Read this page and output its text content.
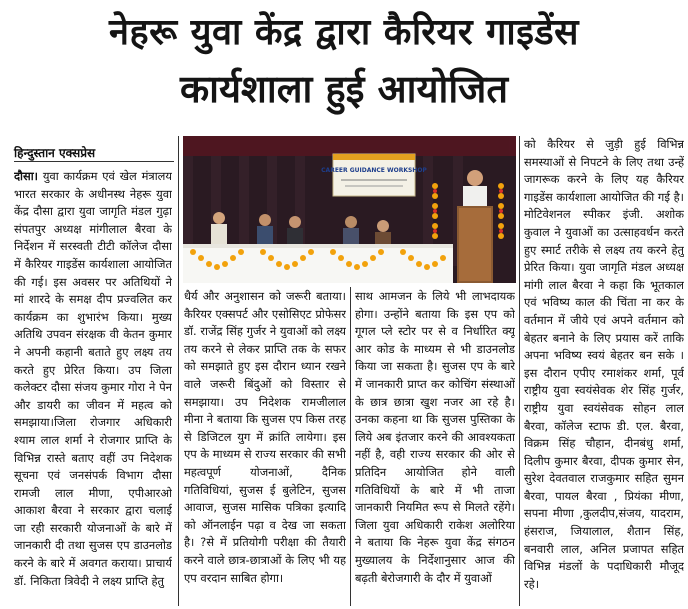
नेहरू युवा केंद्र द्वारा कैरियर गाइडेंस
कार्यशाला हुई आयोजित
हिन्दुस्तान एक्सप्रेस
CAREER GUIDANCE WORKSHOP
दौसा। युवा कार्यक्रम एवं खेल मंत्रालय भारत सरकार के अधीनस्थ नेहरू युवा केंद्र दौसा द्वारा युवा जागृति मंडल गुढ़ा संपतपुर अध्यक्ष मांगीलाल बैरवा के निर्देशन में सरस्वती टीटी कॉलेज दौसा में कैरियर गाइडेंस कार्यशाला आयोजित की गई। इस अवसर पर अतिथियों ने मां शारदे के समक्ष दीप प्रज्वलित कर कार्यक्रम का शुभारंभ किया। मुख्य अतिथि उपवन संरक्षक वी केतन कुमार ने अपनी कहानी बताते हुए लक्ष्य तय करते हुए प्रेरित किया। उप जिला कलेक्टर दौसा संजय कुमार गोरा ने पेन और डायरी का जीवन में महत्व को समझाया।जिला रोजगार अधिकारी श्याम लाल शर्मा ने रोजगार प्राप्ति के विभिन्न रास्ते बताए वहीं उप निदेशक सूचना एवं जनसंपर्क विभाग दौसा रामजी लाल मीणा, एपीआरओ आकाश बैरवा ने सरकार द्वारा चलाई जा रही सरकारी योजनाओं के बारे में जानकारी दी तथा सुजस एप डाउनलोड करने के बारे में अवगत कराया। प्राचार्य डॉ. निकिता त्रिवेदी ने लक्ष्य प्राप्ति हेतु
धैर्य और अनुशासन को जरूरी बताया।कैरियर एक्सपर्ट और एसोसिएट प्रोफेसर डॉ. राजेंद्र सिंह गुर्जर ने युवाओं को लक्ष्य तय करने से लेकर प्राप्ति तक के सफर को समझाते हुए इस दौरान ध्यान रखने वाले जरूरी बिंदुओं को विस्तार से समझाया। उप निदेशक रामजीलाल मीना ने बताया कि सुजस एप किस तरह से डिजिटल युग में क्रांति लायेगा। इस एप के माध्यम से राज्य सरकार की सभी महत्वपूर्ण योजनाओं, दैनिक गतिविधियां, सुजस ई बुलेटिन, सुजस आवाज, सुजस मासिक पत्रिका इत्यादि को ऑनलाईन पढ़ा व देख जा सकता है। ?से में प्रतियोगी परीक्षा की तैयारी करने वाले छात्र-छात्राओं के लिए भी यह एप वरदान साबित होगा।
साथ आमजन के लिये भी लाभदायक होगा। उन्होंने बताया कि इस एप को गूगल प्ले स्टोर पर से व निर्धारित क्यू आर कोड के माध्यम से भी डाउनलोड किया जा सकता है। सुजस एप के बारे में जानकारी प्राप्त कर कोचिंग संस्थाओं के छात्र छात्रा खुश नजर आ रहे है। उनका कहना था कि सुजस पुस्तिका के लिये अब इंतजार करने की आवश्यकता नहीं है, वही राज्य सरकार की ओर से प्रतिदिन आयोजित होने वाली गतिविधियों के बारे में भी ताजा जानकारी नियमित रूप से मिलते रहेंगे। जिला युवा अधिकारी राकेश अलोरिया ने बताया कि नेहरू युवा केंद्र संगठन मुख्यालय के निर्देशानुसार आज की बढ़ती बेरोजगारी के दौर में युवाओं
को कैरियर से जुड़ी हुई विभिन्न समस्याओं से निपटने के लिए तथा उन्हें जागरूक करने के लिए यह कैरियर गाइडेंस कार्यशाला आयोजित की गई है। मोटिवेशनल स्पीकर इंजी. अशोक कुवाल ने युवाओं का उत्साहवर्धन करते हुए स्मार्ट तरीके से लक्ष्य तय करने हेतु प्रेरित किया। युवा जागृति मंडल अध्यक्ष मांगी लाल बैरवा ने कहा कि भूतकाल एवं भविष्य काल की चिंता ना कर के वर्तमान में जीये एवं अपने वर्तमान को बेहतर बनाने के लिए प्रयास करें ताकि अपना भविष्य स्वयं बेहतर बन सके । इस दौरान एपीए रमाशंकर शर्मा, पूर्व राष्ट्रीय युवा स्वयंसेवक शेर सिंह गुर्जर, राष्ट्रीय युवा स्वयंसेवक सोहन लाल बैरवा, कॉलेज स्टाफ डी. एल. बैरवा, विक्रम सिंह चौहान, दीनबंधु शर्मा, दिलीप कुमार बैरवा, दीपक कुमार सेन, सुरेश देवतवाल राजकुमार सहित सुमन बैरवा, पायल बैरवा , प्रियंका मीणा, सपना मीणा ,कुलदीप,संजय, यादराम, हंसराज, जियालाल, शैतान सिंह, बनवारी लाल, अनिल प्रजापत सहित विभिन्न मंडलों के पदाधिकारी मौजूद रहे।
